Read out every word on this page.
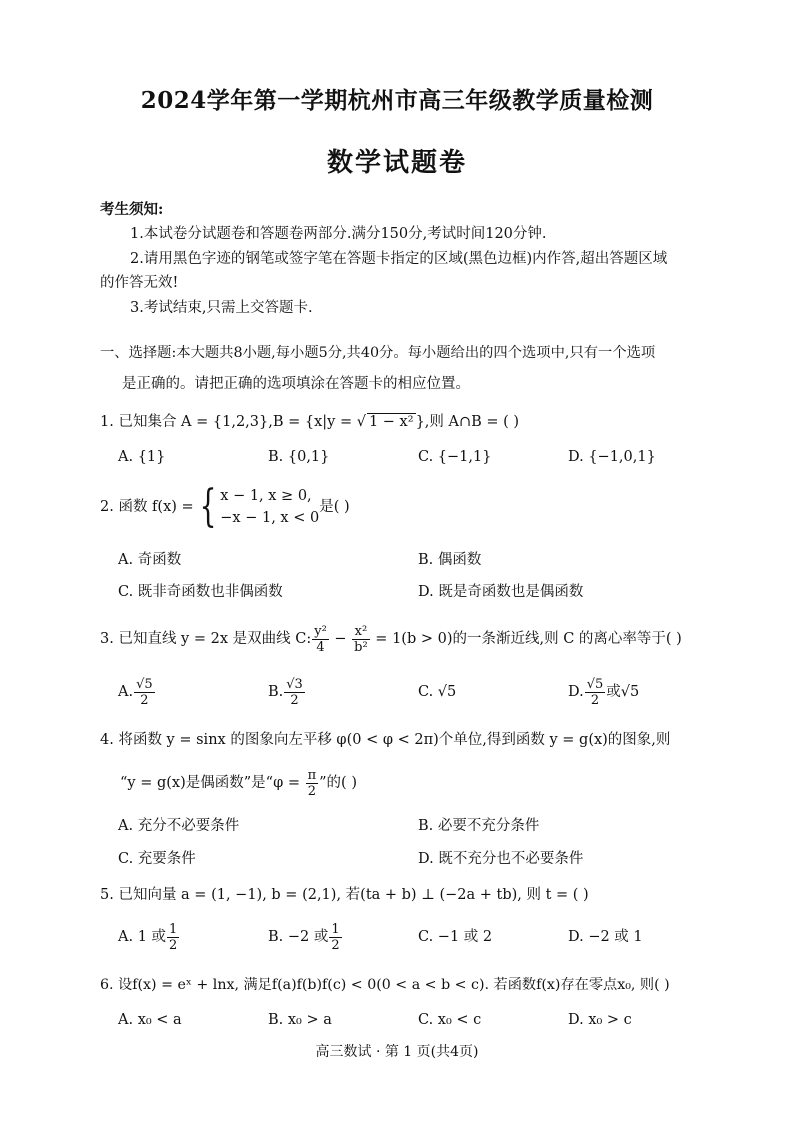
2024学年第一学期杭州市高三年级教学质量检测
数学试题卷
考生须知:
1.本试卷分试题卷和答题卷两部分.满分150分,考试时间120分钟.
2.请用黑色字迹的钢笔或签字笔在答题卡指定的区域(黑色边框)内作答,超出答题区域
的作答无效!
3.考试结束,只需上交答题卡.
一、选择题:本大题共8小题,每小题5分,共40分。每小题给出的四个选项中,只有一个选项
是正确的。请把正确的选项填涂在答题卡的相应位置。
1. 已知集合 A = {1,2,3},B = {x|y = √ 1 − x² },则 A∩B = ( )
A. {1}	B. {0,1}	C. {−1,1}	D. {−1,0,1}
2. 函数 f(x) = { x − 1, x ≥ 0,
−x − 1, x < 0
是( )
A. 奇函数	B. 偶函数
C. 既非奇函数也非偶函数	D. 既是奇函数也是偶函数
3. 已知直线 y = 2x 是双曲线 C: $\frac{\text{y²}}{4} - \frac{\text{x²}}{\text{b²}} = 1(b > 0)$的一条渐近线,则 C 的离心率等于( )
A. $\frac{√5}{2}$	B. $\frac{√3}{2}$	C. √5	D. $\frac{√5}{2}$ 或√5
4. 将函数 y = sinx 的图象向左平移 φ(0 < φ < 2π)个单位,得到函数 y = g(x)的图象,则
“y = g(x)是偶函数”是“$\varphi = \frac{\pi}{2}$ ”的( )
A. 充分不必要条件	B. 必要不充分条件
C. 充要条件	D. 既不充分也不必要条件
5. 已知向量 a = (1, −1), b = (2,1), 若(ta + b) ⊥ (−2a + tb), 则 t = ( )
A. 1 或 $\frac{1}{2}$	B. −2 或 $\frac{1}{2}$	C. −1 或 2	D. −2 或 1
6. 设f(x) = eˣ + lnx, 满足f(a)f(b)f(c) < 0(0 < a < b < c). 若函数f(x)存在零点x₀, 则( )
A. x₀ < a	B. x₀ > a	C. x₀ < c	D. x₀ > c
高三数试 · 第 1 页(共4页)
